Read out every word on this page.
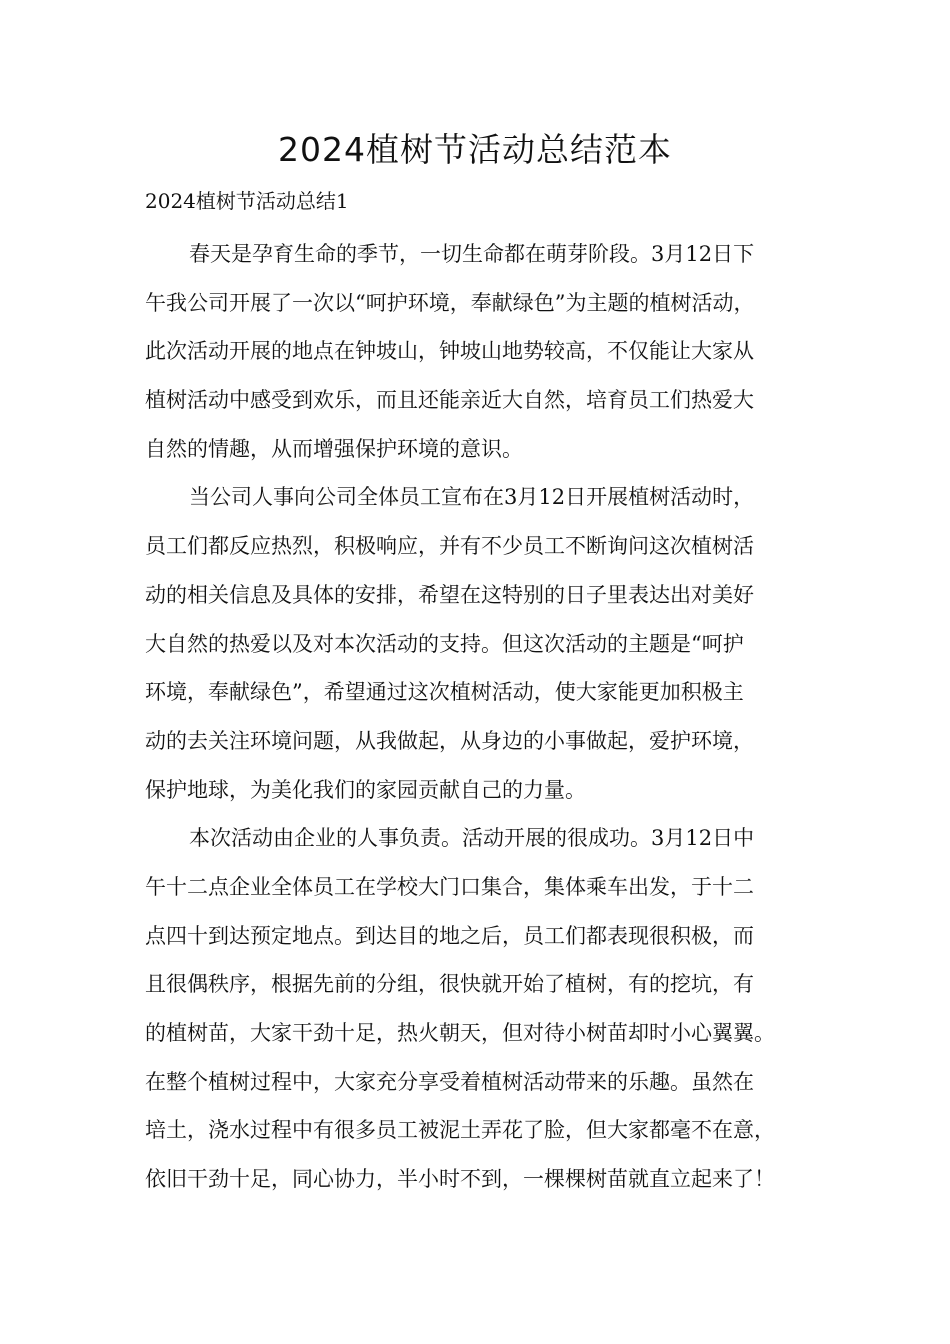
2024植树节活动总结范本

2024植树节活动总结1

春天是孕育生命的季节，一切生命都在萌芽阶段。3月12日下
午我公司开展了一次以“呵护环境，奉献绿色”为主题的植树活动，
此次活动开展的地点在钟坡山，钟坡山地势较高，不仅能让大家从
植树活动中感受到欢乐，而且还能亲近大自然，培育员工们热爱大
自然的情趣，从而增强保护环境的意识。
当公司人事向公司全体员工宣布在3月12日开展植树活动时，
员工们都反应热烈，积极响应，并有不少员工不断询问这次植树活
动的相关信息及具体的安排，希望在这特别的日子里表达出对美好
大自然的热爱以及对本次活动的支持。但这次活动的主题是“呵护
环境，奉献绿色”，希望通过这次植树活动，使大家能更加积极主
动的去关注环境问题，从我做起，从身边的小事做起，爱护环境，
保护地球，为美化我们的家园贡献自己的力量。
本次活动由企业的人事负责。活动开展的很成功。3月12日中
午十二点企业全体员工在学校大门口集合，集体乘车出发，于十二
点四十到达预定地点。到达目的地之后，员工们都表现很积极，而
且很偶秩序，根据先前的分组，很快就开始了植树，有的挖坑，有
的植树苗，大家干劲十足，热火朝天，但对待小树苗却时小心翼翼。
在整个植树过程中，大家充分享受着植树活动带来的乐趣。虽然在
培土，浇水过程中有很多员工被泥土弄花了脸，但大家都毫不在意，
依旧干劲十足，同心协力，半小时不到，一棵棵树苗就直立起来了！
